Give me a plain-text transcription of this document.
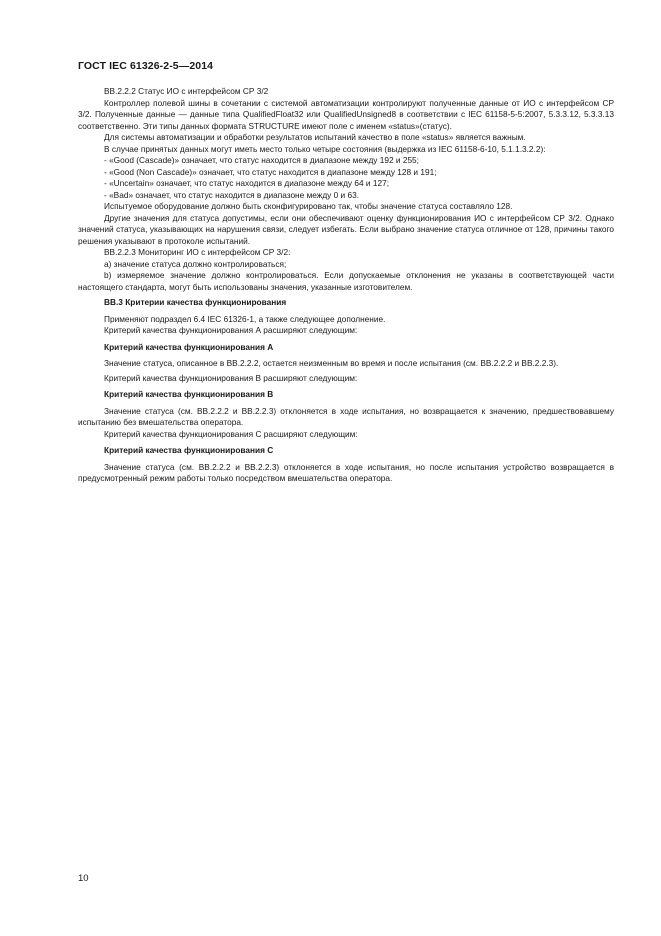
ГОСТ IEC 61326-2-5—2014

ВВ.2.2.2 Статус ИО с интерфейсом СР 3/2

Контроллер полевой шины в сочетании с системой автоматизации контролируют полученные данные от ИО с интерфейсом СР 3/2. Полученные данные — данные типа QualifiedFloat32 или QualifiedUnsigned8 в соответствии с IEC 61158-5-5:2007, 5.3.3.12, 5.3.3.13 соответственно. Эти типы данных формата STRUCTURE имеют поле с именем «status»(статус).

Для системы автоматизации и обработки результатов испытаний качество в поле «status» является важным.

В случае принятых данных могут иметь место только четыре состояния (выдержка из IEC 61158-6-10, 5.1.1.3.2.2):

- «Good (Cascade)» означает, что статус находится в диапазоне между 192 и 255;

- «Good (Non Cascade)» означает, что статус находится в диапазоне между 128 и 191;

- «Uncertain» означает, что статус находится в диапазоне между 64 и 127;

- «Bad» означает, что статус находится в диапазоне между 0 и 63.

Испытуемое оборудование должно быть сконфигурировано так, чтобы значение статуса составляло 128.

Другие значения для статуса допустимы, если они обеспечивают оценку функционирования ИО с интерфейсом СР 3/2. Однако значений статуса, указывающих на нарушения связи, следует избегать. Если выбрано значение статуса отличное от 128, причины такого решения указывают в протоколе испытаний.

ВВ.2.2.3 Мониторинг ИО с интерфейсом СР 3/2:

a) значение статуса должно контролироваться;

b) измеряемое значение должно контролироваться. Если допускаемые отклонения не указаны в соответствующей части настоящего стандарта, могут быть использованы значения, указанные изготовителем.

ВВ.3 Критерии качества функционирования

Применяют подраздел 6.4 IEC 61326-1, а также следующее дополнение.

Критерий качества функционирования А расширяют следующим:

Критерий качества функционирования А

Значение статуса, описанное в ВВ.2.2.2, остается неизменным во время и после испытания (см. ВВ.2.2.2 и ВВ.2.2.3).

Критерий качества функционирования В расширяют следующим:

Критерий качества функционирования В

Значение статуса (см. ВВ.2.2.2 и ВВ.2.2.3) отклоняется в ходе испытания, но возвращается к значению, предшествовавшему испытанию без вмешательства оператора.

Критерий качества функционирования С расширяют следующим:

Критерий качества функционирования С

Значение статуса (см. ВВ.2.2.2 и ВВ.2.2.3) отклоняется в ходе испытания, но после испытания устройство возвращается в предусмотренный режим работы только посредством вмешательства оператора.

10
